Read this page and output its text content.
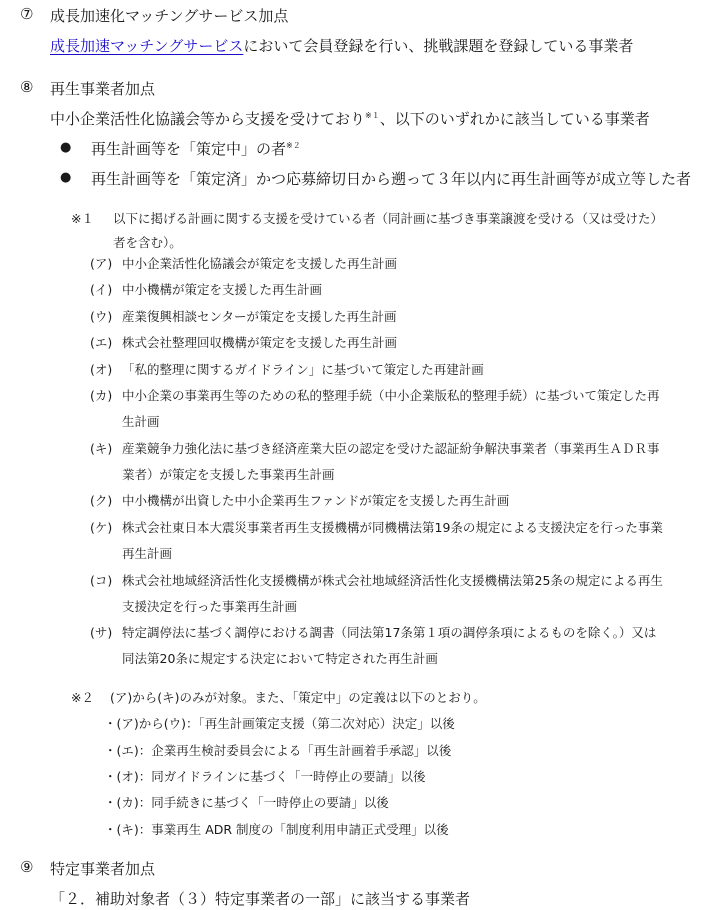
⑦ 成長加速化マッチングサービス加点
成長加速マッチングサービスにおいて会員登録を行い、挑戦課題を登録している事業者
⑧ 再生事業者加点
中小企業活性化協議会等から支援を受けており$^{※1}$、以下のいずれかに該当している事業者
● 再生計画等を「策定中」の者$^{※2}$
● 再生計画等を「策定済」かつ応募締切日から遡って３年以内に再生計画等が成立等した者
※１ 以下に掲げる計画に関する支援を受けている者（同計画に基づき事業譲渡を受ける（又は受けた）
者を含む）。
(ア) 中小企業活性化協議会が策定を支援した再生計画
(イ) 中小機構が策定を支援した再生計画
(ウ) 産業復興相談センターが策定を支援した再生計画
(エ) 株式会社整理回収機構が策定を支援した再生計画
(オ) 「私的整理に関するガイドライン」に基づいて策定した再建計画
(カ) 中小企業の事業再生等のための私的整理手続（中小企業版私的整理手続）に基づいて策定した再
生計画
(キ) 産業競争力強化法に基づき経済産業大臣の認定を受けた認証紛争解決事業者（事業再生ＡＤＲ事
業者）が策定を支援した事業再生計画
(ク) 中小機構が出資した中小企業再生ファンドが策定を支援した再生計画
(ケ) 株式会社東日本大震災事業者再生支援機構が同機構法第19条の規定による支援決定を行った事業
再生計画
(コ) 株式会社地域経済活性化支援機構が株式会社地域経済活性化支援機構法第25条の規定による再生
支援決定を行った事業再生計画
(サ) 特定調停法に基づく調停における調書（同法第17条第１項の調停条項によるものを除く。）又は
同法第20条に規定する決定において特定された再生計画
※２ (ア)から(キ)のみが対象。また、「策定中」の定義は以下のとおり。
・(ア)から(ウ)：「再生計画策定支援（第二次対応）決定」以後
・(エ)：企業再生検討委員会による「再生計画着手承認」以後
・(オ)：同ガイドラインに基づく「一時停止の要請」以後
・(カ)：同手続きに基づく「一時停止の要請」以後
・(キ)：事業再生 ADR 制度の「制度利用申請正式受理」以後
⑨ 特定事業者加点
「２．補助対象者（３）特定事業者の一部」に該当する事業者
